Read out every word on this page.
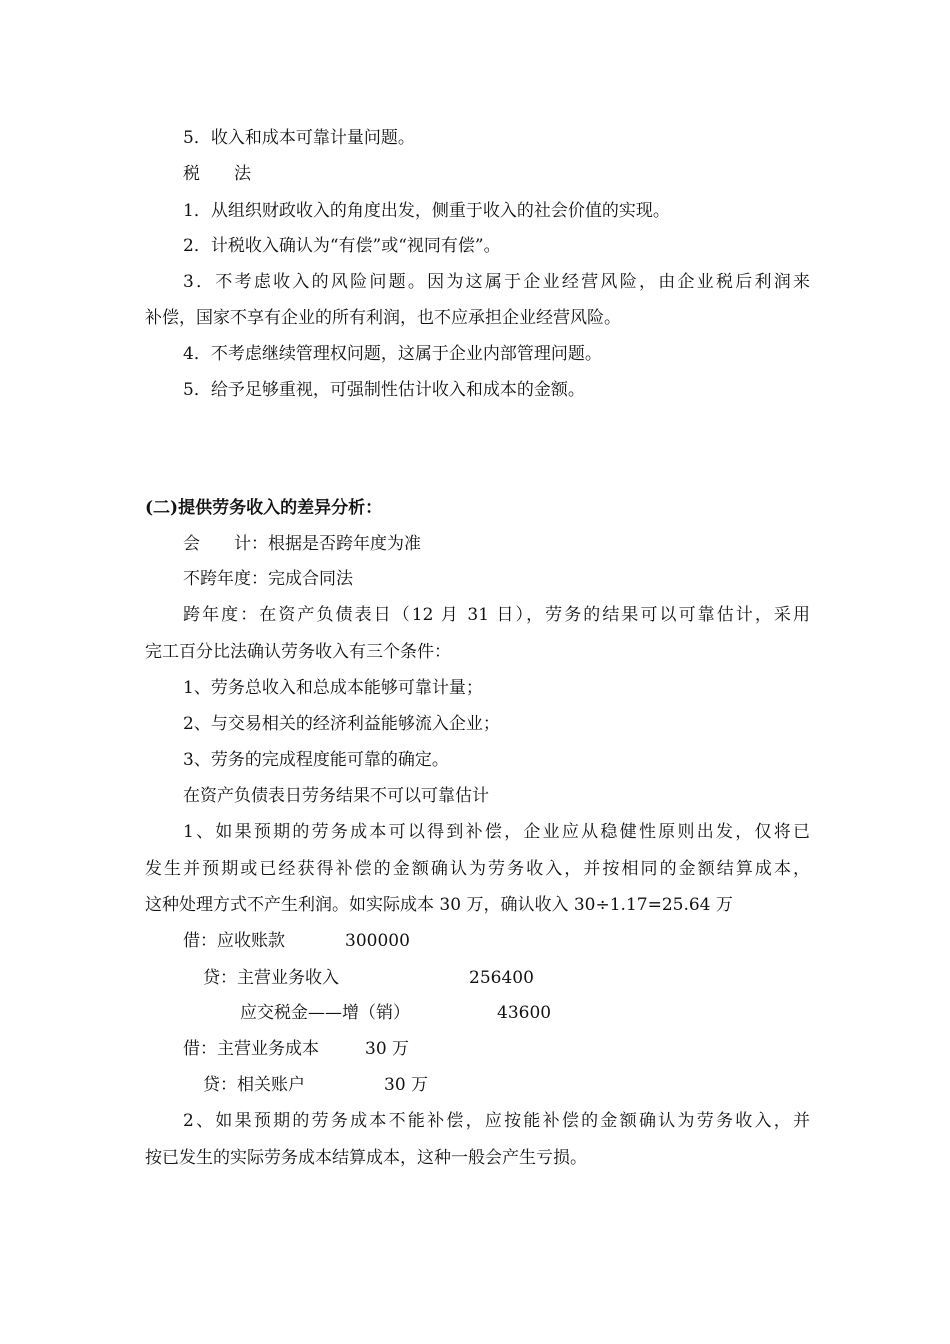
5．收入和成本可靠计量问题。
税　　法
1．从组织财政收入的角度出发，侧重于收入的社会价值的实现。
2．计税收入确认为“有偿”或“视同有偿”。
3．不考虑收入的风险问题。因为这属于企业经营风险，由企业税后利润来
补偿，国家不享有企业的所有利润，也不应承担企业经营风险。
4．不考虑继续管理权问题，这属于企业内部管理问题。
5．给予足够重视，可强制性估计收入和成本的金额。
(二)提供劳务收入的差异分析：
会　　计：根据是否跨年度为准
不跨年度：完成合同法
跨年度：在资产负债表日（12 月 31 日），劳务的结果可以可靠估计，采用
完工百分比法确认劳务收入有三个条件：
1、劳务总收入和总成本能够可靠计量；
2、与交易相关的经济利益能够流入企业；
3、劳务的完成程度能可靠的确定。
在资产负债表日劳务结果不可以可靠估计
1、如果预期的劳务成本可以得到补偿，企业应从稳健性原则出发，仅将已
发生并预期或已经获得补偿的金额确认为劳务收入，并按相同的金额结算成本，
这种处理方式不产生利润。如实际成本 30 万，确认收入 30÷1.17=25.64 万
借：应收账款	300000
贷：主营业务收入	256400
应交税金——增（销）	43600
借：主营业务成本	30 万
贷：相关账户	30 万
2、如果预期的劳务成本不能补偿，应按能补偿的金额确认为劳务收入，并
按已发生的实际劳务成本结算成本，这种一般会产生亏损。
